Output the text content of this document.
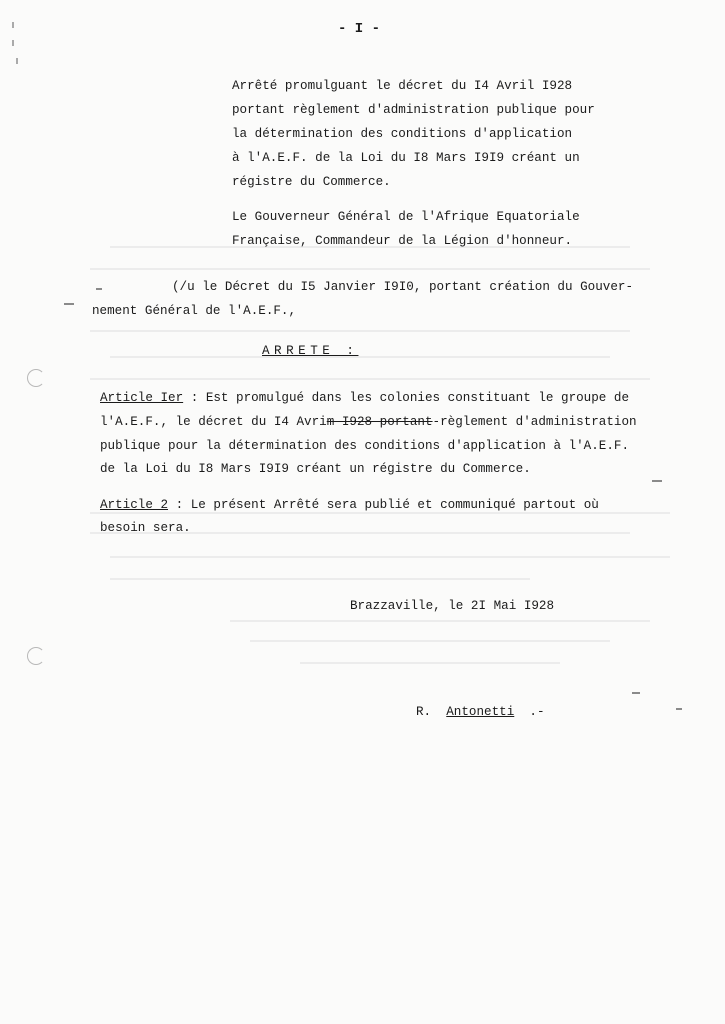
- I -
Arrêté promulguant le décret du I4 Avril I928
portant règlement d'administration publique pour
la détermination des conditions d'application
à l'A.E.F. de la Loi du I8 Mars I9I9 créant un
régistre du Commerce.
Le Gouverneur Général de l'Afrique Equatoriale
Française, Commandeur de la Légion d'honneur.
(/u le Décret du I5 Janvier I9I0, portant création du Gouver-
nement Général de l'A.E.F.,
ARRETE :
Article Ier : Est promulgué dans les colonies constituant le groupe de
l'A.E.F., le décret du I4 Avrim I928 portant-règlement d'administration
publique pour la détermination des conditions d'application à l'A.E.F.
de la Loi du I8 Mars I9I9 créant un régistre du Commerce.
Article 2 : Le présent Arrêté sera publié et communiqué partout où
besoin sera.
Brazzaville, le 2I Mai I928
R. Antonetti .-
